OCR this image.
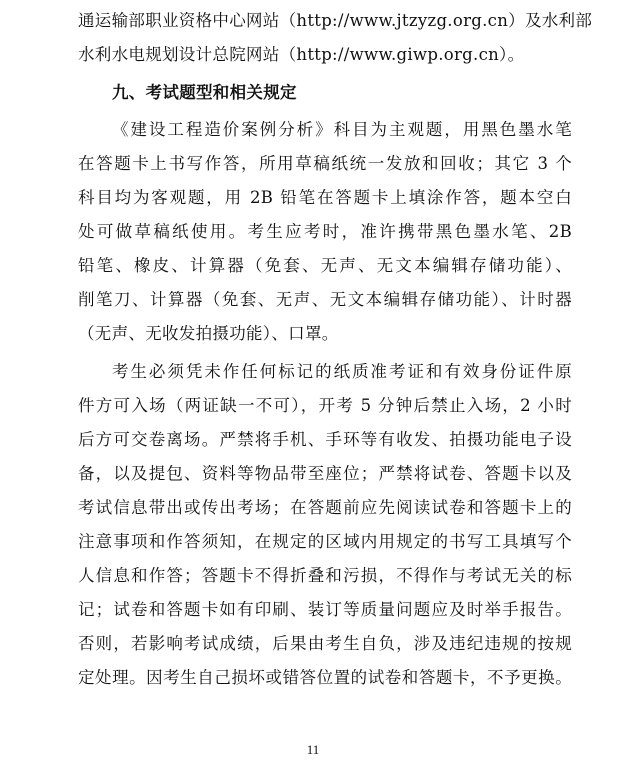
通运输部职业资格中心网站（http://www.jtzyzg.org.cn）及水利部
水利水电规划设计总院网站（http://www.giwp.org.cn）。
九、考试题型和相关规定
《建设工程造价案例分析》科目为主观题，用黑色墨水笔
在答题卡上书写作答，所用草稿纸统一发放和回收；其它 3 个
科目均为客观题，用 2B 铅笔在答题卡上填涂作答，题本空白
处可做草稿纸使用。考生应考时，准许携带黑色墨水笔、2B
铅笔、橡皮、计算器（免套、无声、无文本编辑存储功能）、
削笔刀、计算器（免套、无声、无文本编辑存储功能）、计时器
（无声、无收发拍摄功能）、口罩。
考生必须凭未作任何标记的纸质准考证和有效身份证件原
件方可入场（两证缺一不可），开考 5 分钟后禁止入场，2 小时
后方可交卷离场。严禁将手机、手环等有收发、拍摄功能电子设
备，以及提包、资料等物品带至座位；严禁将试卷、答题卡以及
考试信息带出或传出考场；在答题前应先阅读试卷和答题卡上的
注意事项和作答须知，在规定的区域内用规定的书写工具填写个
人信息和作答；答题卡不得折叠和污损，不得作与考试无关的标
记；试卷和答题卡如有印刷、装订等质量问题应及时举手报告。
否则，若影响考试成绩，后果由考生自负，涉及违纪违规的按规
定处理。因考生自己损坏或错答位置的试卷和答题卡，不予更换。
11
